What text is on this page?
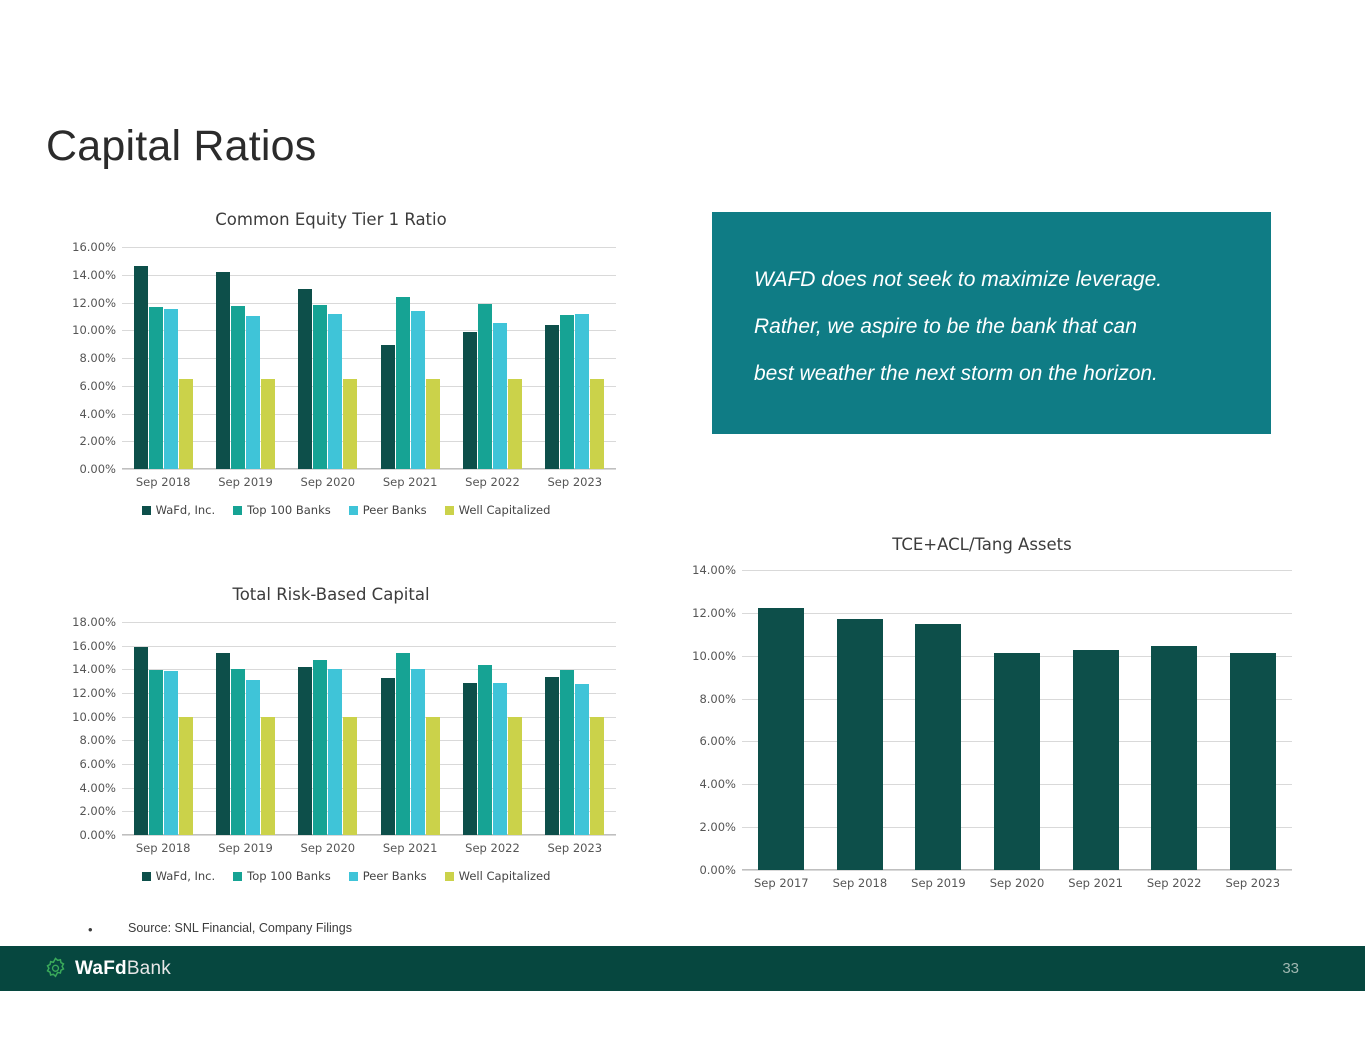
Capital Ratios
Common Equity Tier 1 Ratio
0.00%
2.00%
4.00%
6.00%
8.00%
10.00%
12.00%
14.00%
16.00%
Sep 2018	Sep 2019	Sep 2020	Sep 2021	Sep 2022	Sep 2023
WaFd, Inc.	Top 100 Banks	Peer Banks	Well Capitalized
Total Risk-Based Capital
0.00%
2.00%
4.00%
6.00%
8.00%
10.00%
12.00%
14.00%
16.00%
18.00%
Sep 2018	Sep 2019	Sep 2020	Sep 2021	Sep 2022	Sep 2023
WaFd, Inc.	Top 100 Banks	Peer Banks	Well Capitalized
TCE+ACL/Tang Assets
0.00%
2.00%
4.00%
6.00%
8.00%
10.00%
12.00%
14.00%
Sep 2017	Sep 2018	Sep 2019	Sep 2020	Sep 2021	Sep 2022	Sep 2023
WAFD does not seek to maximize leverage.
Rather, we aspire to be the bank that can
best weather the next storm on the horizon.
•	Source: SNL Financial, Company Filings
WaFdBank	33
